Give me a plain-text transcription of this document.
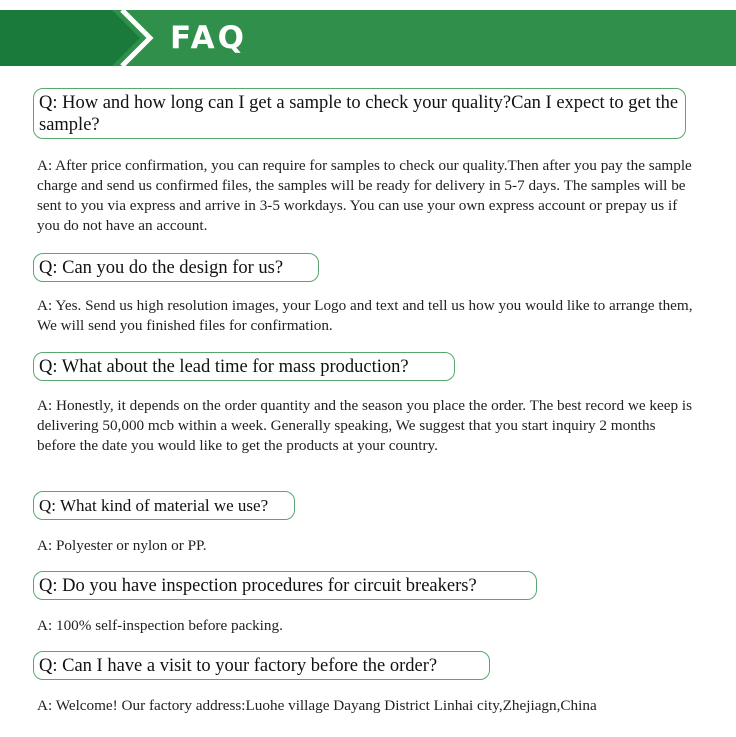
FAQ
Q: How and how long can I get a sample to check your quality?Can I expect to get the sample?
A: After price confirmation, you can require for samples to check our quality.Then after you pay the sample charge and send us confirmed files, the samples will be ready for delivery in 5-7 days. The samples will be sent to you via express and arrive in 3-5 workdays. You can use your own express account or prepay us if you do not have an account.
Q: Can you do the design for us?
A: Yes. Send us high resolution images, your Logo and text and tell us how you would like to arrange them, We will send you finished files for confirmation.
Q: What about the lead time for mass production?
A: Honestly, it depends on the order quantity and the season you place the order. The best record we keep is delivering 50,000 mcb within a week. Generally speaking, We suggest that you start inquiry 2 months before the date you would like to get the products at your country.
Q: What kind of material we use?
A: Polyester or nylon or PP.
Q: Do you have inspection procedures for circuit breakers?
A: 100% self-inspection before packing.
Q: Can I have a visit to your factory before the order?
A: Welcome! Our factory address:Luohe village Dayang District Linhai city,Zhejiagn,China
